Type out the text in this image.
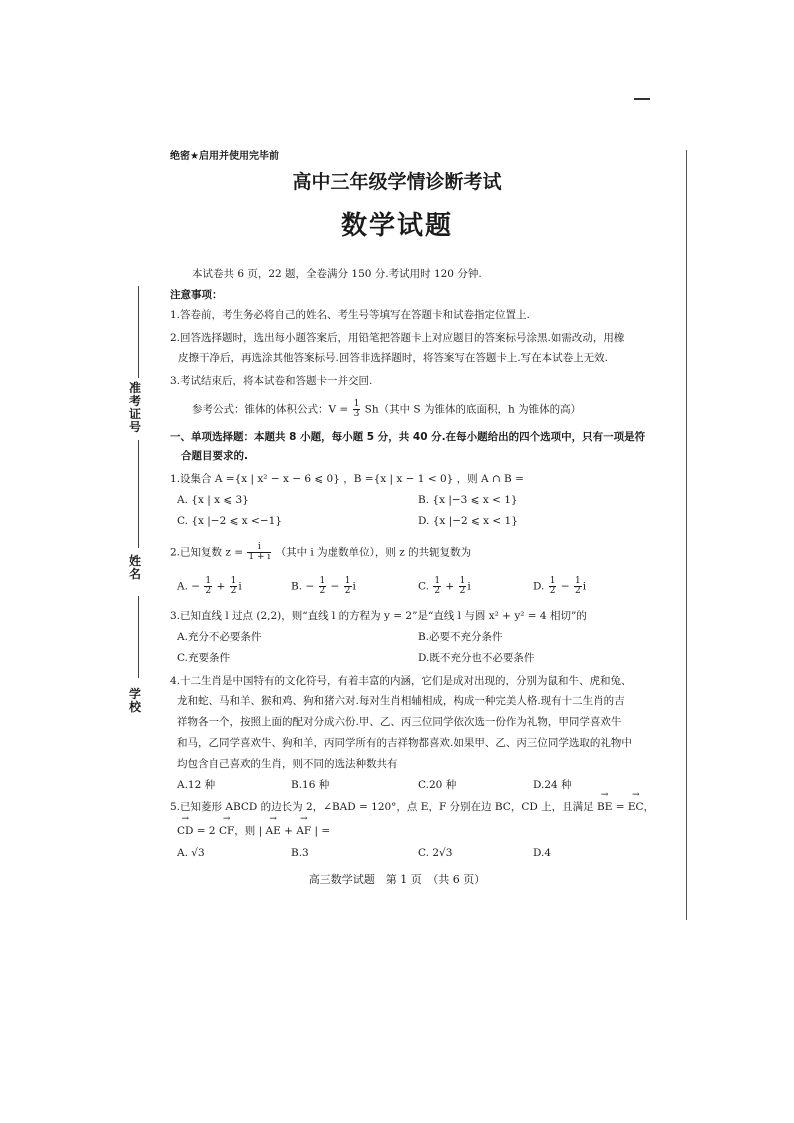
准考证号
姓名
学校
绝密★启用并使用完毕前
高中三年级学情诊断考试
数学试题
本试卷共 6 页，22 题，全卷满分 150 分.考试用时 120 分钟.
注意事项：
1.答卷前，考生务必将自己的姓名、考生号等填写在答题卡和试卷指定位置上.
2.回答选择题时，选出每小题答案后，用铅笔把答题卡上对应题目的答案标号涂黑.如需改动，用橡
皮擦干净后，再选涂其他答案标号.回答非选择题时，将答案写在答题卡上.写在本试卷上无效.
3.考试结束后，将本试卷和答题卡一并交回.
参考公式：锥体的体积公式：$V = \frac{1}{3} Sh$（其中 S 为锥体的底面积，h 为锥体的高）
一、单项选择题：本题共 8 小题，每小题 5 分，共 40 分.在每小题给出的四个选项中，只有一项是符
合题目要求的.
1.设集合 A ={x | x² − x − 6 ⩽ 0} ，B ={x | x − 1 < 0} ，则 A ∩ B =
A. {x | x ⩽ 3}	B. {x |−3 ⩽ x < 1}
C. {x |−2 ⩽ x <−1}	D. {x |−2 ⩽ x < 1}
2.已知复数 $z = \frac{i}{1 + i}$ （其中 i 为虚数单位），则 z 的共轭复数为
A. − $\frac{1}{2} + \frac{1}{2}$ i	B. − $\frac{1}{2} - \frac{1}{2}$ i	C. $\frac{1}{2} + \frac{1}{2}$ i	D. $\frac{1}{2} - \frac{1}{2}$ i
3.已知直线 l 过点 (2,2)，则“直线 l 的方程为 y = 2”是“直线 l 与圆 x² + y² = 4 相切”的
A.充分不必要条件	B.必要不充分条件
C.充要条件	D.既不充分也不必要条件
4.十二生肖是中国特有的文化符号，有着丰富的内涵，它们是成对出现的，分别为鼠和牛、虎和兔、
龙和蛇、马和羊、猴和鸡、狗和猪六对.每对生肖相辅相成，构成一种完美人格.现有十二生肖的吉
祥物各一个，按照上面的配对分成六份.甲、乙、丙三位同学依次选一份作为礼物，甲同学喜欢牛
和马，乙同学喜欢牛、狗和羊，丙同学所有的吉祥物都喜欢.如果甲、乙、丙三位同学选取的礼物中
均包含自己喜欢的生肖，则不同的选法种数共有
A.12 种	B.16 种	C.20 种	D.24 种
5.已知菱形 ABCD 的边长为 2，∠BAD = 120°，点 E，F 分别在边 BC，CD 上，且满足 → BE = → EC，
→ CD = 2 → CF，则 | → AE + → AF | =
A. √3	B.3	C. 2√3	D.4
高三数学试题　第 1 页　（共 6 页）
